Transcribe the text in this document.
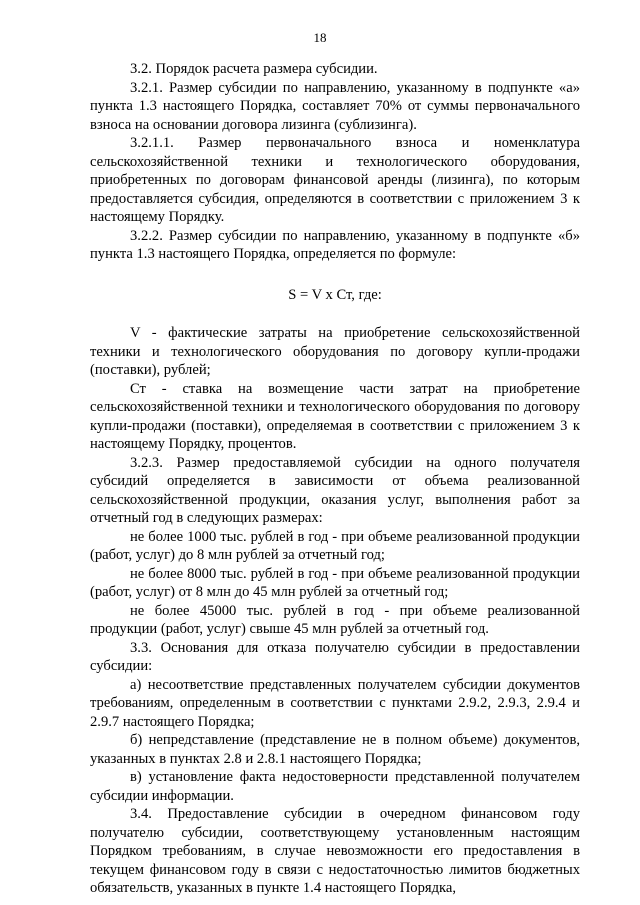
18

3.2. Порядок расчета размера субсидии.

3.2.1. Размер субсидии по направлению, указанному в подпункте «а» пункта 1.3 настоящего Порядка, составляет 70% от суммы первоначального взноса на основании договора лизинга (сублизинга).

3.2.1.1. Размер первоначального взноса и номенклатура сельскохозяйственной техники и технологического оборудования, приобретенных по договорам финансовой аренды (лизинга), по которым предоставляется субсидия, определяются в соответствии с приложением 3 к настоящему Порядку.

3.2.2. Размер субсидии по направлению, указанному в подпункте «б» пункта 1.3 настоящего Порядка, определяется по формуле:

S = V x Ст, где:

V - фактические затраты на приобретение сельскохозяйственной техники и технологического оборудования по договору купли-продажи (поставки), рублей;

Ст - ставка на возмещение части затрат на приобретение сельскохозяйственной техники и технологического оборудования по договору купли-продажи (поставки), определяемая в соответствии с приложением 3 к настоящему Порядку, процентов.

3.2.3. Размер предоставляемой субсидии на одного получателя субсидий определяется в зависимости от объема реализованной сельскохозяйственной продукции, оказания услуг, выполнения работ за отчетный год в следующих размерах:

не более 1000 тыс. рублей в год - при объеме реализованной продукции (работ, услуг) до 8 млн рублей за отчетный год;

не более 8000 тыс. рублей в год - при объеме реализованной продукции (работ, услуг) от 8 млн до 45 млн рублей за отчетный год;

не более 45000 тыс. рублей в год - при объеме реализованной продукции (работ, услуг) свыше 45 млн рублей за отчетный год.

3.3. Основания для отказа получателю субсидии в предоставлении субсидии:

а) несоответствие представленных получателем субсидии документов требованиям, определенным в соответствии с пунктами 2.9.2, 2.9.3, 2.9.4 и 2.9.7 настоящего Порядка;

б) непредставление (представление не в полном объеме) документов, указанных в пунктах 2.8 и 2.8.1 настоящего Порядка;

в) установление факта недостоверности представленной получателем субсидии информации.

3.4. Предоставление субсидии в очередном финансовом году получателю субсидии, соответствующему установленным настоящим Порядком требованиям, в случае невозможности его предоставления в текущем финансовом году в связи с недостаточностью лимитов бюджетных обязательств, указанных в пункте 1.4 настоящего Порядка,
